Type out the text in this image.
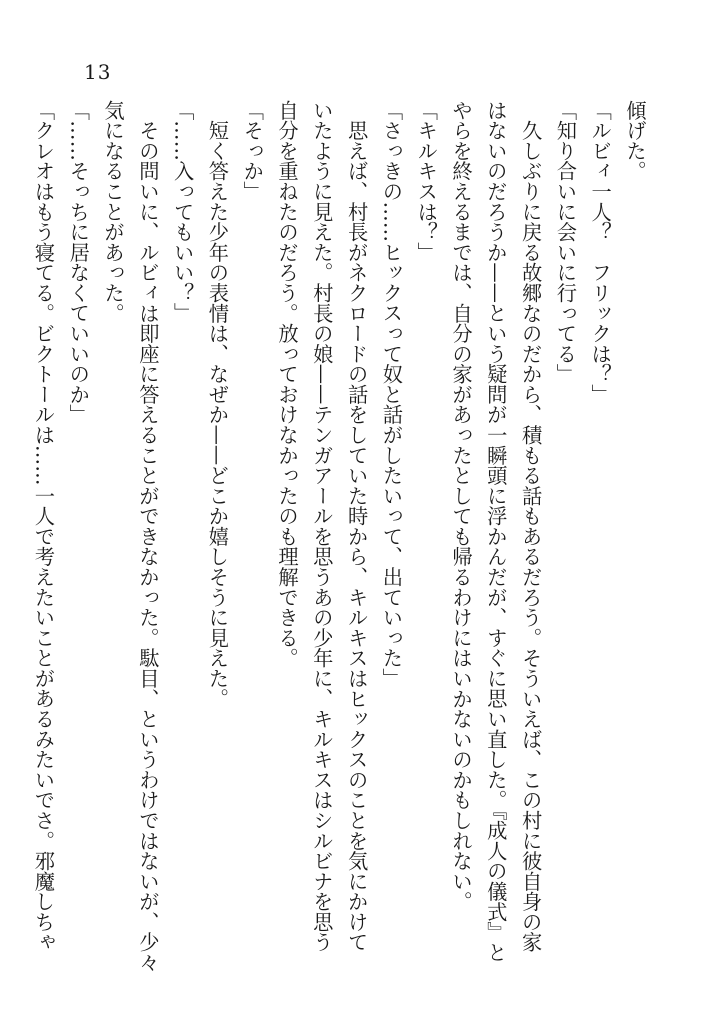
13
傾げた。
「ルビィ一人？　フリックは？」
「知り合いに会いに行ってる」
　久しぶりに戻る故郷なのだから、積もる話もあるだろう。そういえば、この村に彼自身の家
はないのだろうか——という疑問が一瞬頭に浮かんだが、すぐに思い直した。『成人の儀式』と
やらを終えるまでは、自分の家があったとしても帰るわけにはいかないのかもしれない。
「キルキスは？」
「さっきの……ヒックスって奴と話がしたいって、出ていった」
　思えば、村長がネクロードの話をしていた時から、キルキスはヒックスのことを気にかけて
いたように見えた。村長の娘——テンガアールを思うあの少年に、キルキスはシルビナを思う
自分を重ねたのだろう。放っておけなかったのも理解できる。
「そっか」
　短く答えた少年の表情は、なぜか——どこか嬉しそうに見えた。
「……入ってもいい？」
　その問いに、ルビィは即座に答えることができなかった。駄目、というわけではないが、少々
気になることがあった。
「……そっちに居なくていいのか」
「クレオはもう寝てる。ビクトールは……一人で考えたいことがあるみたいでさ。邪魔しちゃ
